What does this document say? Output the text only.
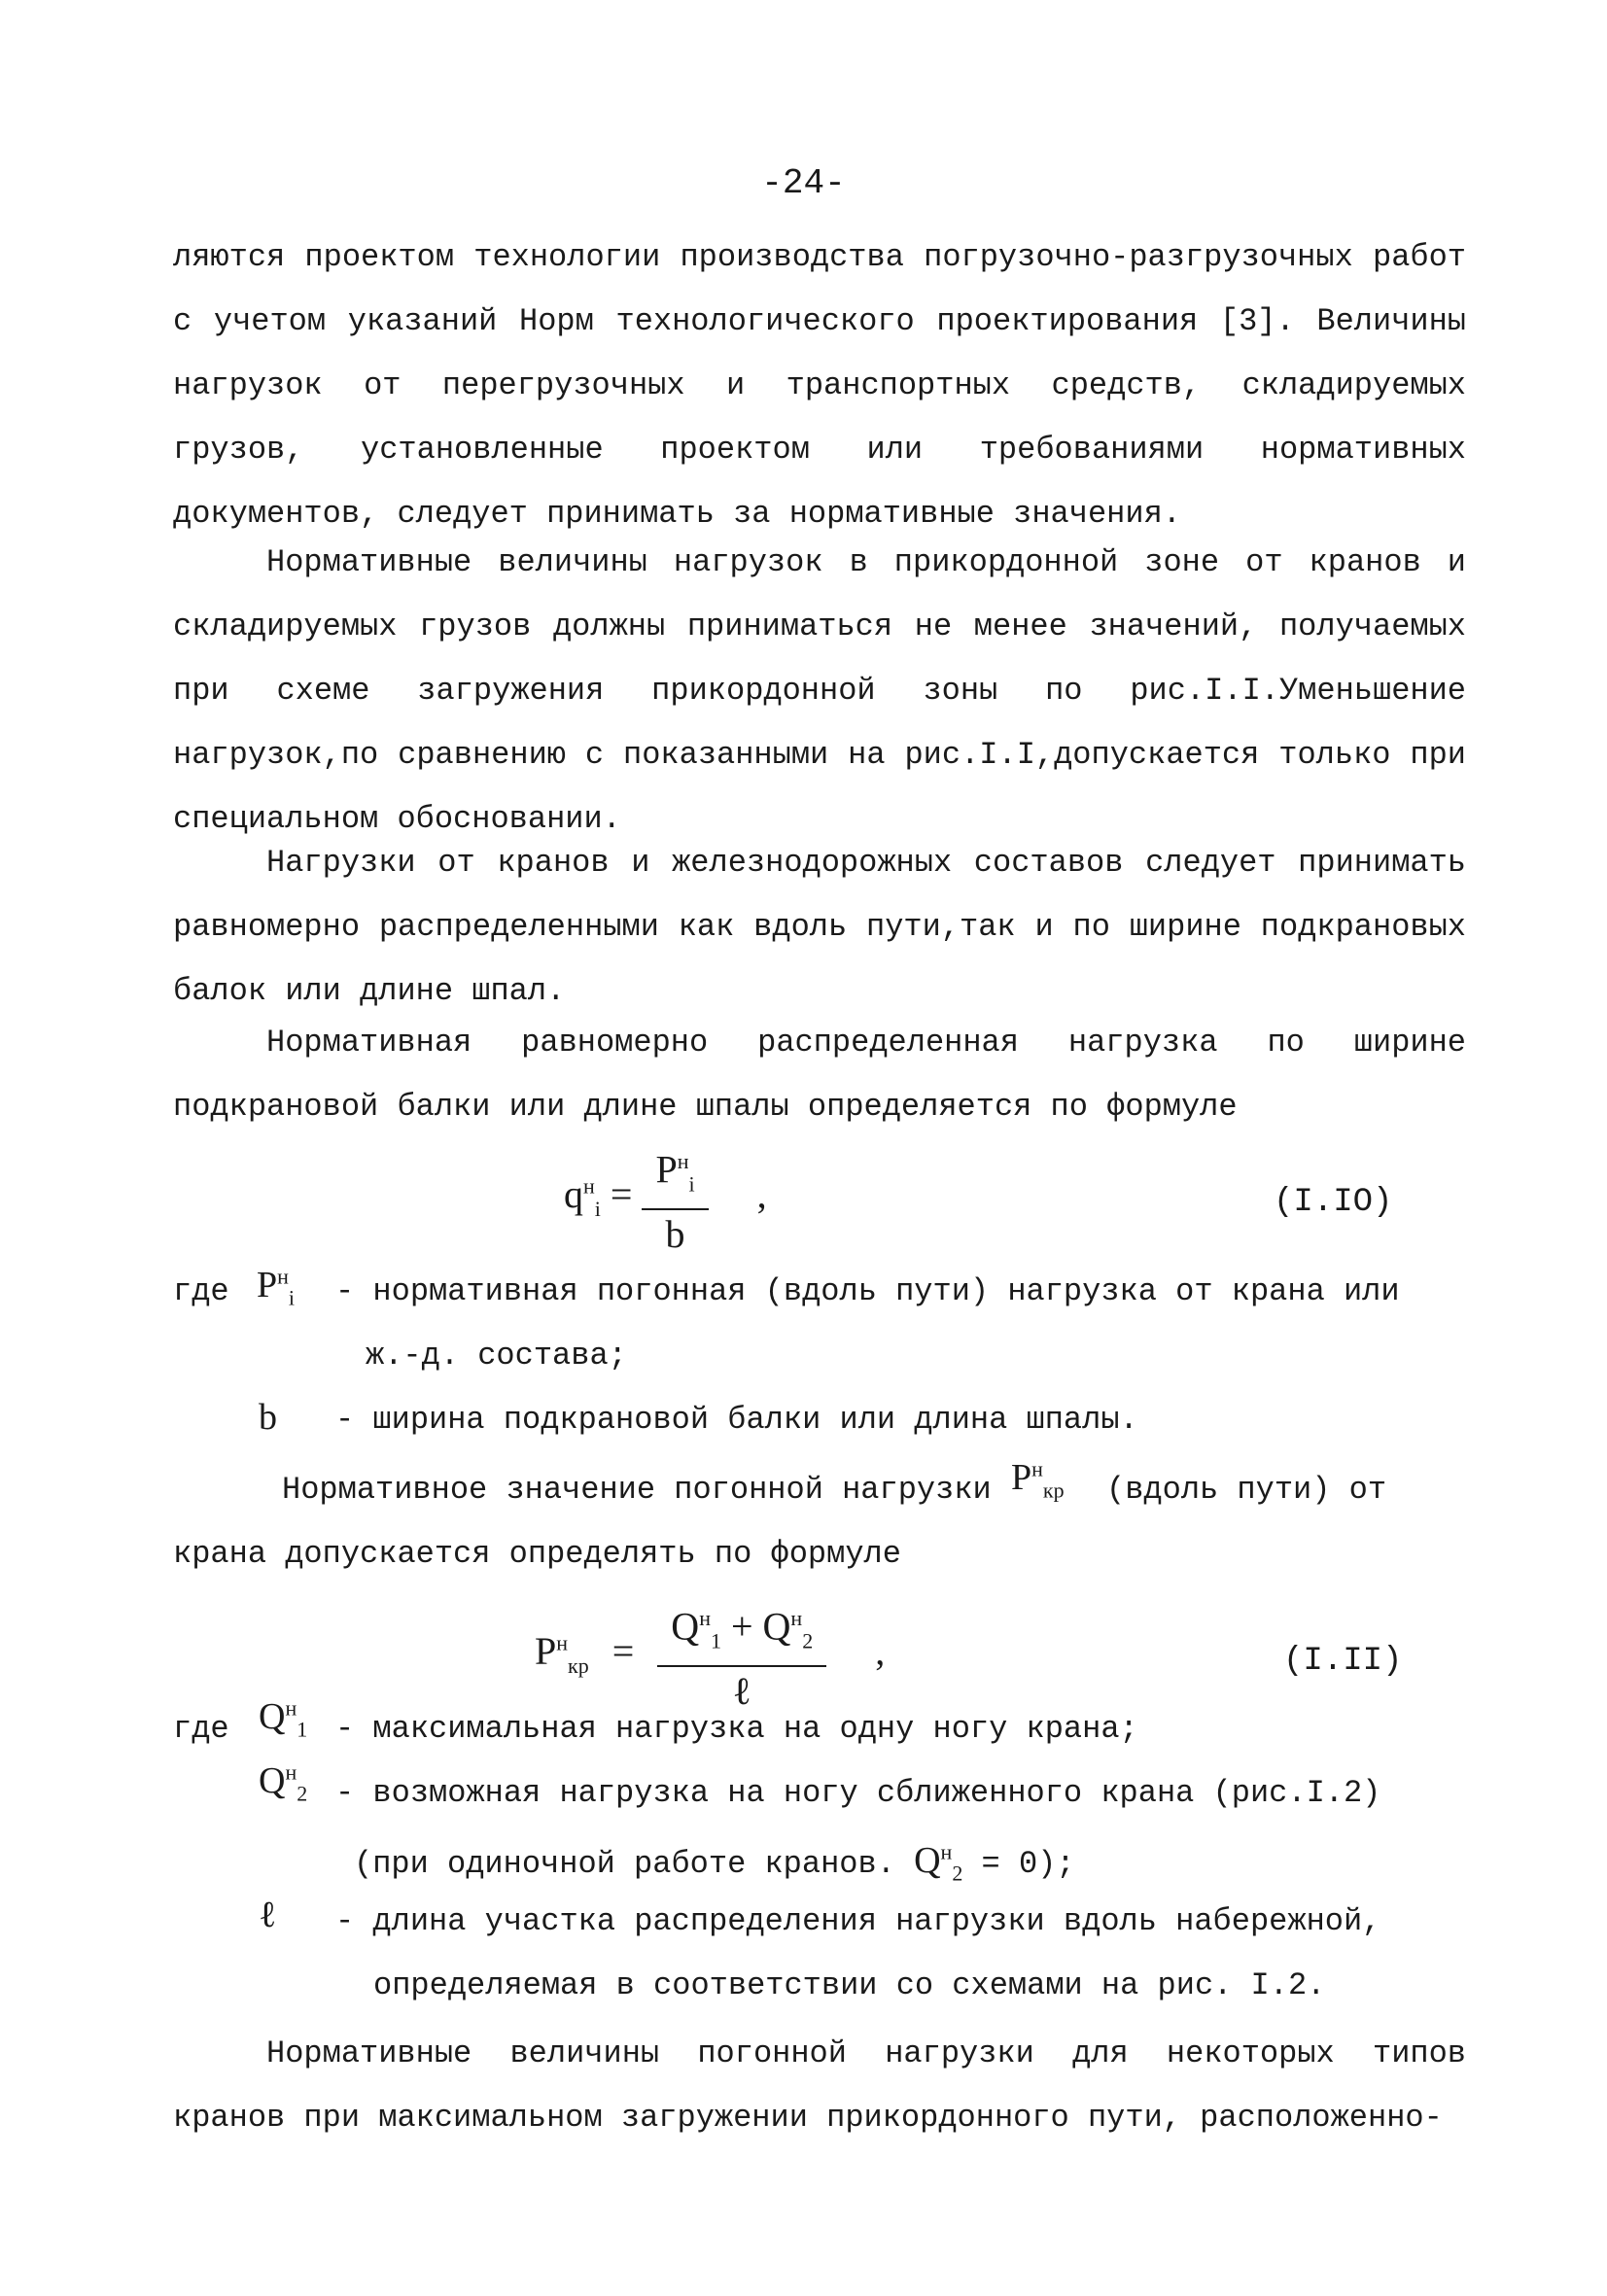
-24-
ляются проектом технологии производства погрузочно-разгрузочных работ с учетом указаний Норм технологического проектирования [3]. Величины нагрузок от перегрузочных и транспортных средств, складируемых грузов, установленные проектом или требованиями нормативных документов, следует принимать за нормативные значения.
Нормативные величины нагрузок в прикордонной зоне от кранов и складируемых грузов должны приниматься не менее значений, получаемых при схеме загружения прикордонной зоны по рис.I.I.Уменьшение нагрузок,по сравнению с показанными на рис.I.I,допускается только при специальном обосновании.
Нагрузки от кранов и железнодорожных составов следует принимать равномерно распределенными как вдоль пути,так и по ширине подкрановых балок или длине шпал.
Нормативная равномерно распределенная нагрузка по ширине подкрановой балки или длине шпалы определяется по формуле
$q^н_i = \frac{P^н_i}{b}$ ,	(I.IO)
где $P^н_i$ - нормативная погонная (вдоль пути) нагрузка от крана или
ж.-д. состава;
b - ширина подкрановой балки или длина шпалы.
Нормативное значение погонной нагрузки $P^н_{кр}$ (вдоль пути) от
крана допускается определять по формуле
$P^н_{кр} = \frac{Q^н_1 + Q^н_2}{\text{ℓ}}$ ,	(I.II)
где $Q^н_1$ - максимальная нагрузка на одну ногу крана;
$Q^н_2$ - возможная нагрузка на ногу сближенного крана (рис.I.2)
(при одиночной работе кранов. $Q^н_2 = 0$);
ℓ - длина участка распределения нагрузки вдоль набережной,
определяемая в соответствии со схемами на рис. I.2.
Нормативные величины погонной нагрузки для некоторых типов кранов при максимальном загружении прикордонного пути, расположенно-
